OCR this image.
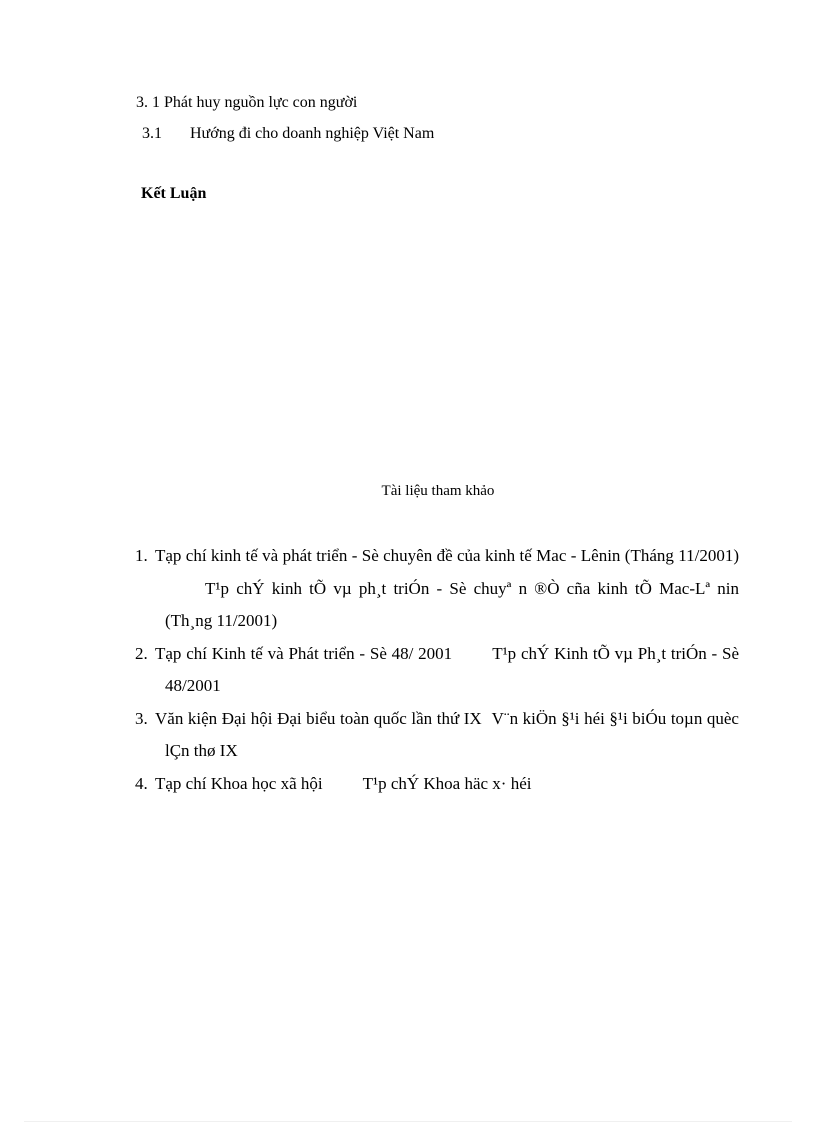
3. 1 Phát huy nguồn lực con người
3.1 Hướng đi cho doanh nghiệp Việt Nam
Kết Luận
Tài liệu tham khảo

1. Tạp chí kinh tế và phát triển - Sè chuyên đề của kinh tế Mac - Lênin (Tháng 11/2001)T¹p chÝ kinh tÕ vµ ph¸t triÓn - Sè chuyª n ®Ò cña kinh tÕ Mac-Lª nin (Th¸ng 11/2001)

2. Tạp chí Kinh tế và Phát triển - Sè 48/ 2001 T¹p chÝ Kinh tÕ vµ Ph¸t triÓn - Sè 48/2001

3. Văn kiện Đại hội Đại biểu toàn quốc lần thứ IX V¨n kiÖn §¹i héi §¹i biÓu toµn quèc lÇn thø IX

4. Tạp chí Khoa học xã hội T¹p chÝ Khoa häc x· héi
